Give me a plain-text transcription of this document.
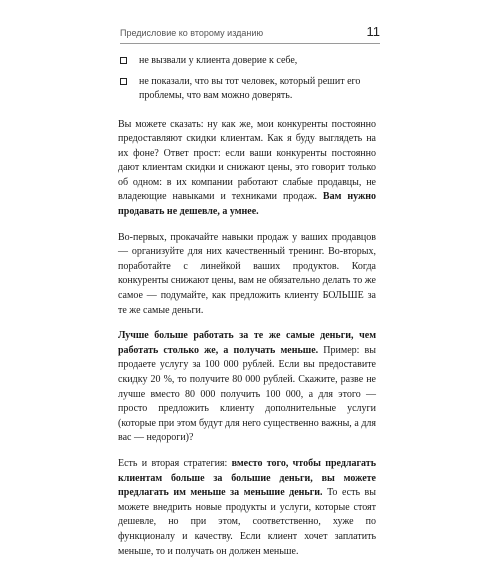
Предисловие ко второму изданию	11
не вызвали у клиента доверие к себе,
не показали, что вы тот человек, который решит его проблемы, что вам можно доверять.

Вы можете сказать: ну как же, мои конкуренты постоянно предоставляют скидки клиентам. Как я буду выглядеть на их фоне? Ответ прост: если ваши конкуренты постоянно дают клиентам скидки и снижают цены, это говорит только об одном: в их компании работают слабые продавцы, не владеющие навыками и техниками продаж. Вам нужно продавать не дешевле, а умнее.

Во-первых, прокачайте навыки продаж у ваших продавцов — организуйте для них качественный тренинг. Во-вторых, поработайте с линейкой ваших продуктов. Когда конкуренты снижают цены, вам не обязательно делать то же самое — подумайте, как предложить клиенту БОЛЬШЕ за те же самые деньги.

Лучше больше работать за те же самые деньги, чем работать столько же, а получать меньше. Пример: вы продаете услугу за 100 000 рублей. Если вы предоставите скидку 20 %, то получите 80 000 рублей. Скажите, разве не лучше вместо 80 000 получить 100 000, а для этого — просто предложить клиенту дополнительные услуги (которые при этом будут для него существенно важны, а для вас — недороги)?

Есть и вторая стратегия: вместо того, чтобы предлагать клиентам больше за большие деньги, вы можете предлагать им меньше за меньшие деньги. То есть вы можете внедрить новые продукты и услуги, которые стоят дешевле, но при этом, соответственно, хуже по функционалу и качеству. Если клиент хочет заплатить меньше, то и получать он должен меньше.
